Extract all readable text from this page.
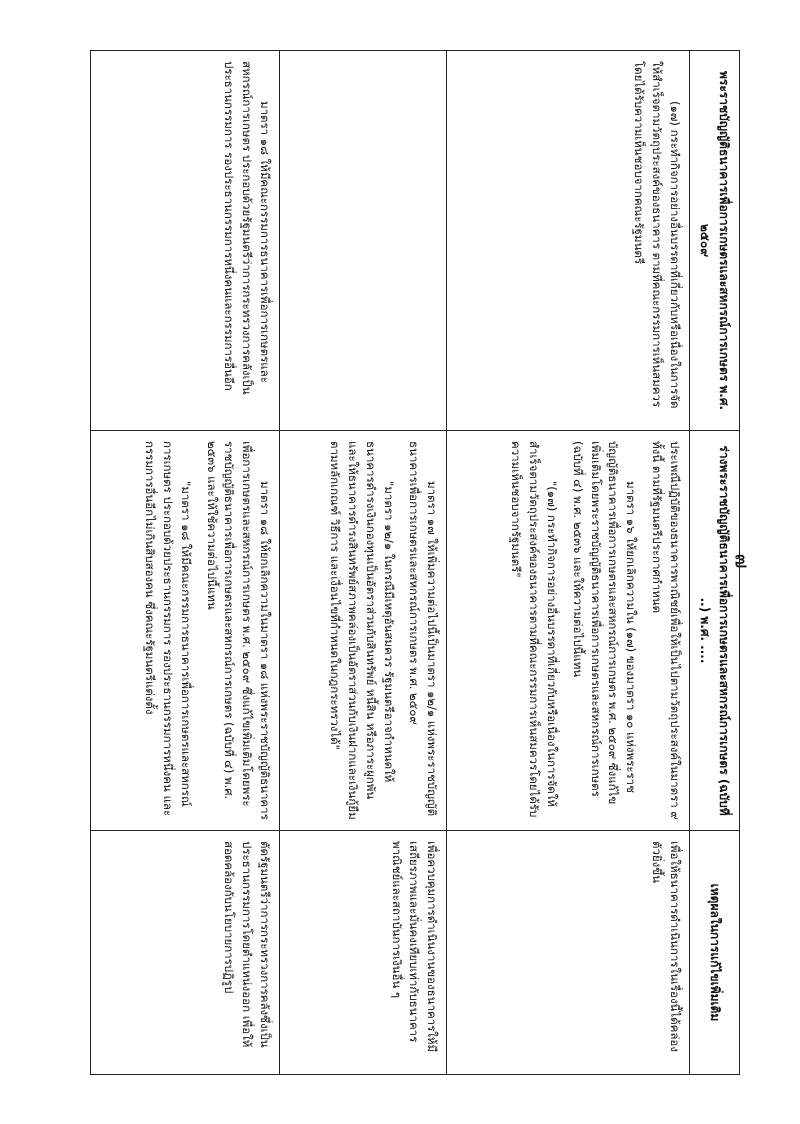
๗
พระราชบัญญัติธนาคารเพื่อการเกษตรและสหกรณ์การเกษตร พ.ศ. ๒๕๐๙	ร่างพระราชบัญญัติธนาคารเพื่อการเกษตรและสหกรณ์การเกษตร (ฉบับที่ ..) พ.ศ. ....	เหตุผลในการแก้ไขเพิ่มเติม

(๑๗) กระทำกิจการอย่างอื่นบรรดาที่เกี่ยวกับหรือเนื่องในการจัดให้สำเร็จตามวัตถุประสงค์ของธนาคาร ตามที่คณะกรรมการเห็นสมควรโดยได้รับความเห็นชอบจากคณะรัฐมนตรี	ประเพณีปฏิบัติของธนาคารพาณิชย์เพื่อให้เป็นไปตามวัตถุประสงค์ในมาตรา ๙ ทั้งนี้ ตามที่รัฐมนตรีประกาศกำหนด

มาตรา ๑๖ ให้ยกเลิกความใน (๑๗) ของมาตรา ๑๐ แห่งพระราชบัญญัติธนาคารเพื่อการเกษตรและสหกรณ์การเกษตร พ.ศ. ๒๕๐๙ ซึ่งแก้ไขเพิ่มเติมโดยพระราชบัญญัติธนาคารเพื่อการเกษตรและสหกรณ์การเกษตร (ฉบับที่ ๔) พ.ศ. ๒๕๓๖ และให้ความต่อไปนี้แทน

"(๑๗) กระทำกิจการอย่างอื่นบรรดาที่เกี่ยวกับหรือเนื่องในการจัดให้สำเร็จตามวัตถุประสงค์ของธนาคารตามที่คณะกรรมการเห็นสมควรโดยได้รับความเห็นชอบจากรัฐมนตรี"	เพื่อให้ธนาคารดำเนินการในเรื่องนี้ได้คล่องตัวยิ่งขึ้น

	มาตรา ๑๗ ให้เพิ่มความต่อไปนี้เป็นมาตรา ๑๒/๑ แห่งพระราชบัญญัติธนาคารเพื่อการเกษตรและสหกรณ์การเกษตร พ.ศ. ๒๕๐๙

"มาตรา ๑๒/๑ ในกรณีมีเหตุอันสมควร รัฐมนตรีอาจกำหนดให้ธนาคารดำรงเงินกองทุนเป็นอัตราส่วนกับสินทรัพย์ หนี้สิน หรือภาระผูกพัน และให้ธนาคารดำรงสินทรัพย์สภาพคล่องเป็นอัตราส่วนกับเงินฝากและเงินกู้ยืม ตามหลักเกณฑ์ วิธีการ และเงื่อนไขที่กำหนดในกฎกระทรวงได้"	เพื่อควบคุมการดำเนินงานของธนาคารให้มีเสถียรภาพและมั่นคงเทียบเท่ากับธนาคารพาณิชย์และสถาบันการเงินอื่น ๆ

มาตรา ๑๘ ให้มีคณะกรรมการธนาคารเพื่อการเกษตรและสหกรณ์การเกษตร ประกอบด้วยรัฐมนตรีว่าการกระทรวงการคลังเป็นประธานกรรมการ รองประธานกรรมการหนึ่งคนและกรรมการอื่นอีก	มาตรา ๑๘ ให้ยกเลิกความในมาตรา ๑๘ แห่งพระราชบัญญัติธนาคารเพื่อการเกษตรและสหกรณ์การเกษตร พ.ศ. ๒๕๐๙ ซึ่งแก้ไขเพิ่มเติมโดยพระราชบัญญัติธนาคารเพื่อการเกษตรและสหกรณ์การเกษตร (ฉบับที่ ๔) พ.ศ. ๒๕๓๖ และให้ใช้ความต่อไปนี้แทน

"มาตรา ๑๘ ให้มีคณะกรรมการธนาคารเพื่อการเกษตรและสหกรณ์การเกษตร ประกอบด้วยประธานกรรมการ รองประธานกรรมการหนึ่งคน และกรรมการอื่นอีกไม่เกินสิบสองคน ซึ่งคณะรัฐมนตรีแต่งตั้ง	ตัดรัฐมนตรีว่าการกระทรวงการคลังซึ่งเป็นประธานกรรมการโดยตำแหน่งออก เพื่อให้สอดคล้องกับนโยบายการปฏิรูป
